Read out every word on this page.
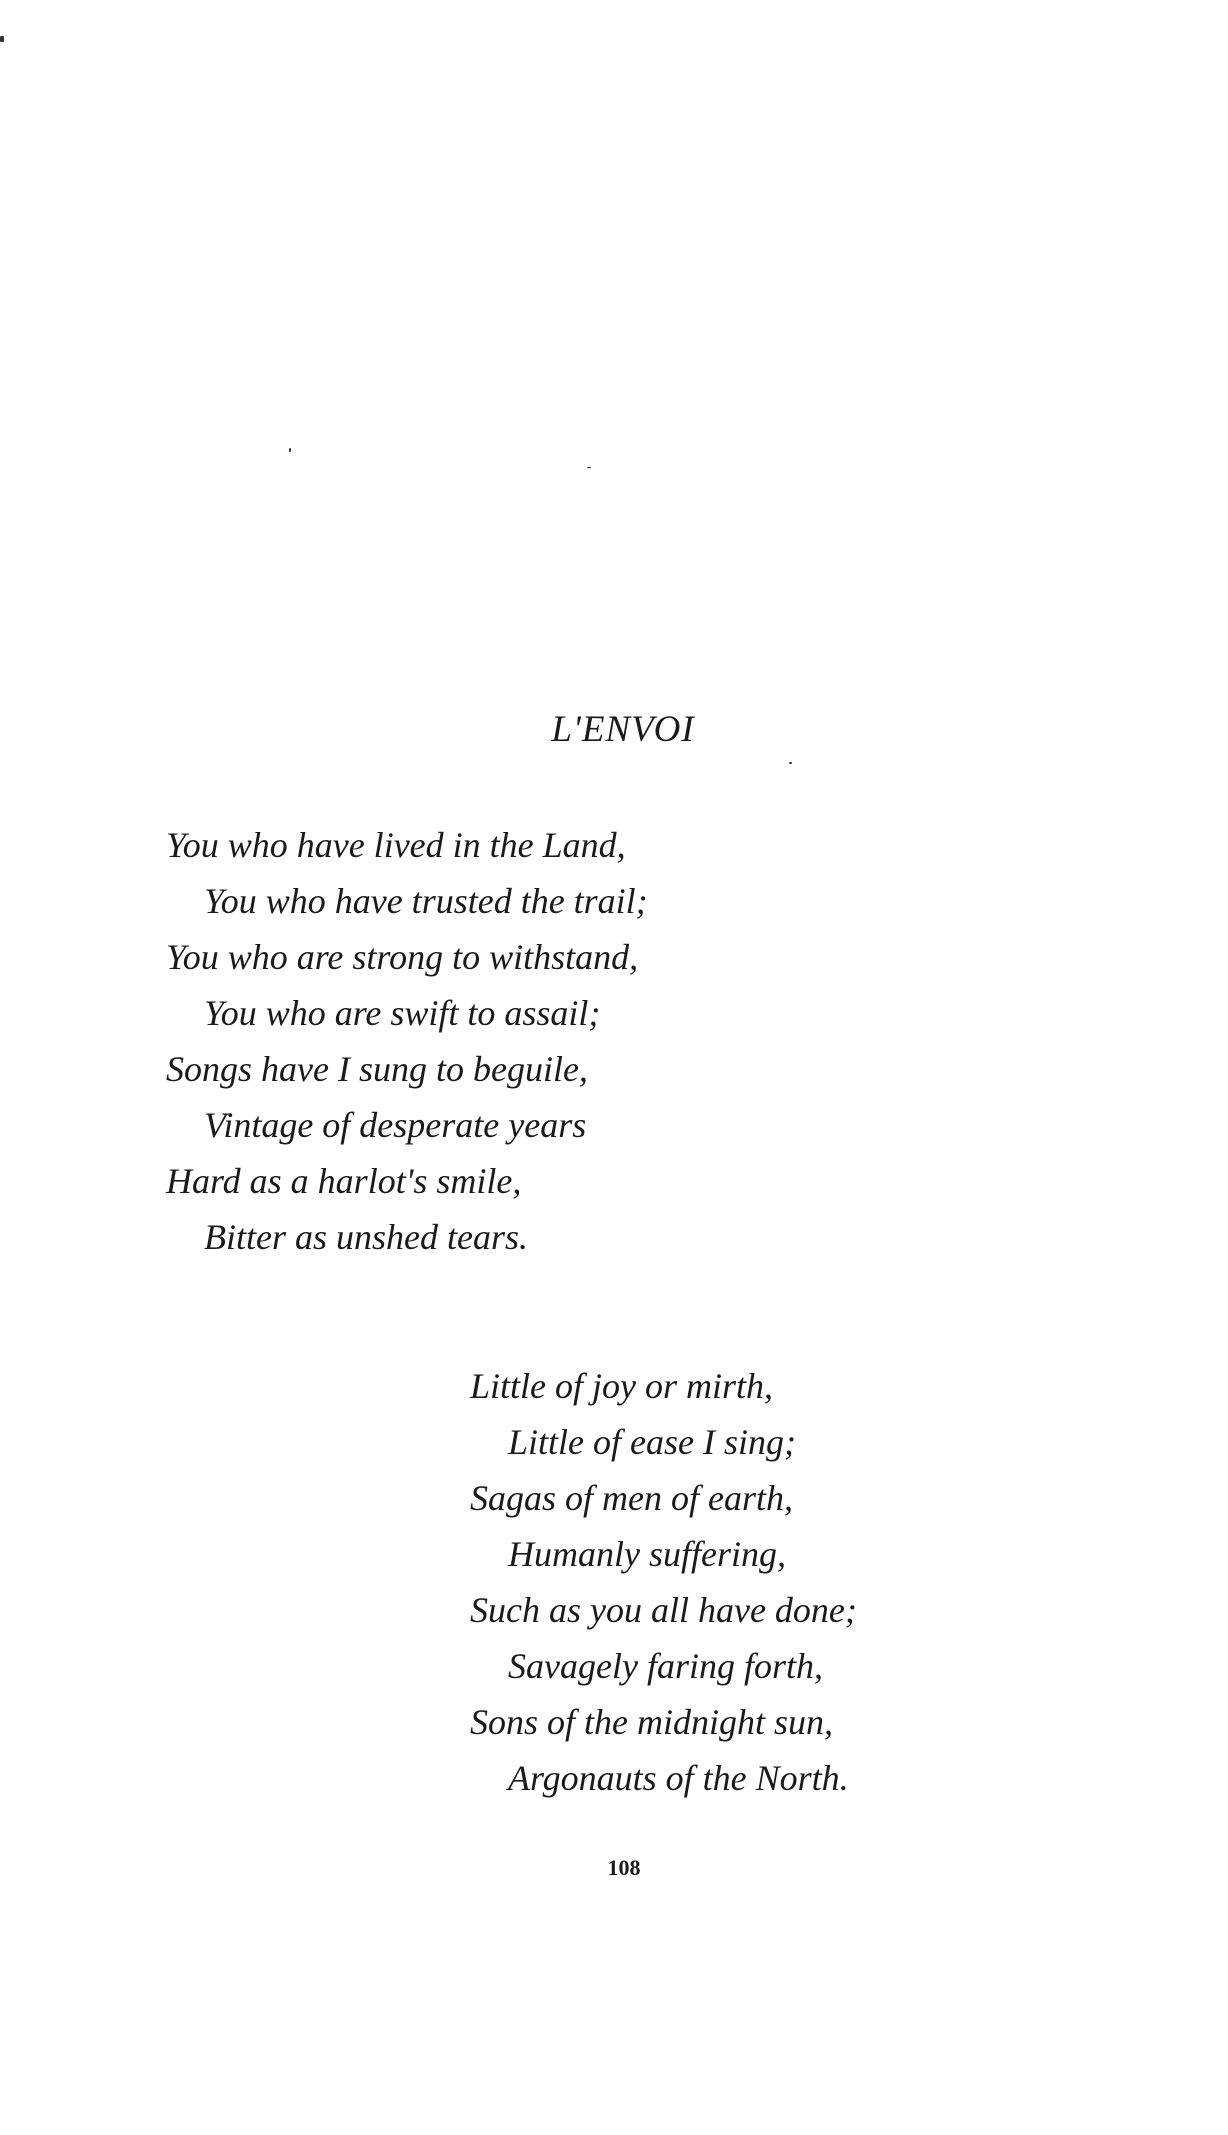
L'ENVOI
You who have lived in the Land,
You who have trusted the trail;
You who are strong to withstand,
You who are swift to assail;
Songs have I sung to beguile,
Vintage of desperate years
Hard as a harlot's smile,
Bitter as unshed tears.
Little of joy or mirth,
Little of ease I sing;
Sagas of men of earth,
Humanly suffering,
Such as you all have done;
Savagely faring forth,
Sons of the midnight sun,
Argonauts of the North.
108
